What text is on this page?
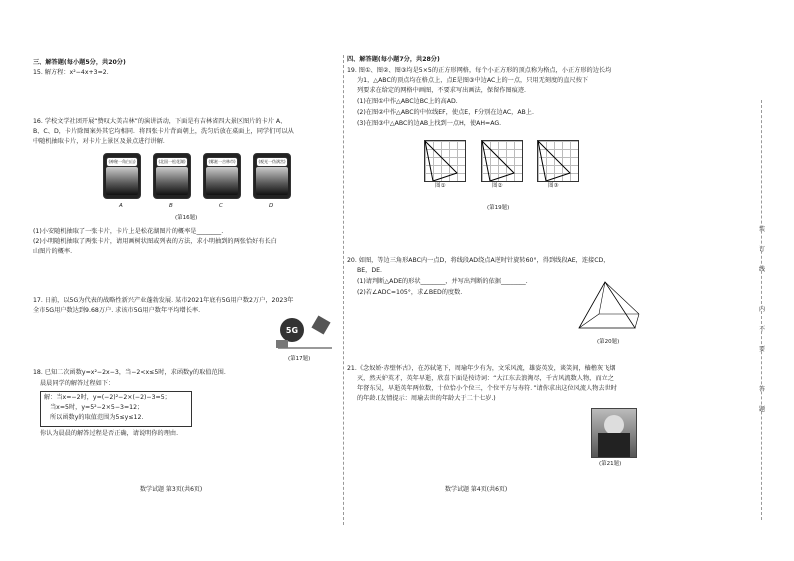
三、解答题(每小题5分，共20分)
15. 解方程：x²−4x+3=2.
16. 学校文学社团开展“赞叹大美吉林”的演讲活动，下面是有吉林省四大景区图片的卡片 A、
B、C、D，卡片除图案外其它均相同．将四张卡片背面朝上，洗匀后放在桌面上，同学们可以从
中随机抽取卡片，对卡片上景区及景点进行讲解．
(神秘一角白山)	(北国一松花湖)	(雾凇一吉林市)	(观光一伪满宫)
A	B	C	D
(第16题)
(1)小安随机抽取了一张卡片，卡片上是松花湖图片的概率是________.
(2)小明随机抽取了两张卡片，请用画树状图或列表的方法，求小明抽到的两张恰好有长白
山图片的概率.
17. 日前，以5G为代表的战略性新兴产业蓬勃发展. 某市2021年底有5G用户数2万户，2023年
全市5G用户数达到9.68万户. 求该市5G用户数年平均增长率.
5G
(第17题)
18. 已知二次函数y=x²−2x−3，当−2<x≤5时，求函数y的取值范围.
晨晨同学的解答过程如下：
解：当x=−2时，y=(−2)²−2×(−2)−3=5；
当x=5时，y=5²−2×5−3=12；
所以函数y的取值范围为5≤y≤12.
你认为晨晨的解答过程是否正确，请说明你的理由.
数学试题 第3页(共6页)
四、解答题(每小题7分，共28分)
19. 图①、图②、图③均是5×5的正方形网格，每个小正方形的顶点称为格点，小正方形的边长均
为1，△ABC的顶点均在格点上，点E是图③中边AC上的一点，只用无刻度的直尺按下
列要求在给定的网格中画图，不要求写出画法，保留作图痕迹.
(1)在图①中作△ABC边BC上的高AD.
(2)在图②中作△ABC的中位线EF，使点E，F分别在边AC，AB上.
(3)在图③中△ABC的边AB上找到一点H，使AH=AG.
图①	图②	图③
(第19题)
20. 如图，等边三角形ABC内一点D，将线段AD绕点A逆时针旋转60°，得到线段AE，连接CD，
BE，DE.
(1)请判断△ADE的形状________，并写出判断的依据________.
(2)若∠ADC=105°，求∠BED的度数.
(第20题)
21.《念奴娇·赤壁怀古》，在苏轼笔下，周瑜年少有为，文采风流，雄姿英发，谈笑间，樯橹灰飞烟
灭，然天妒英才，英年早逝，欣喜下面是按诗词：“大江东去浪淘尽，千古风流数人物，而立之
年督东吴，早逝英年两位数，十位恰小个位三，个位平方与寿符．”请你求出这位风流人物去世时
的年龄.(友情提示：周瑜去世的年龄大于二十七岁.)
(第21题)
数学试题 第4页(共6页)
装
订
线
内
不
要
答
题
